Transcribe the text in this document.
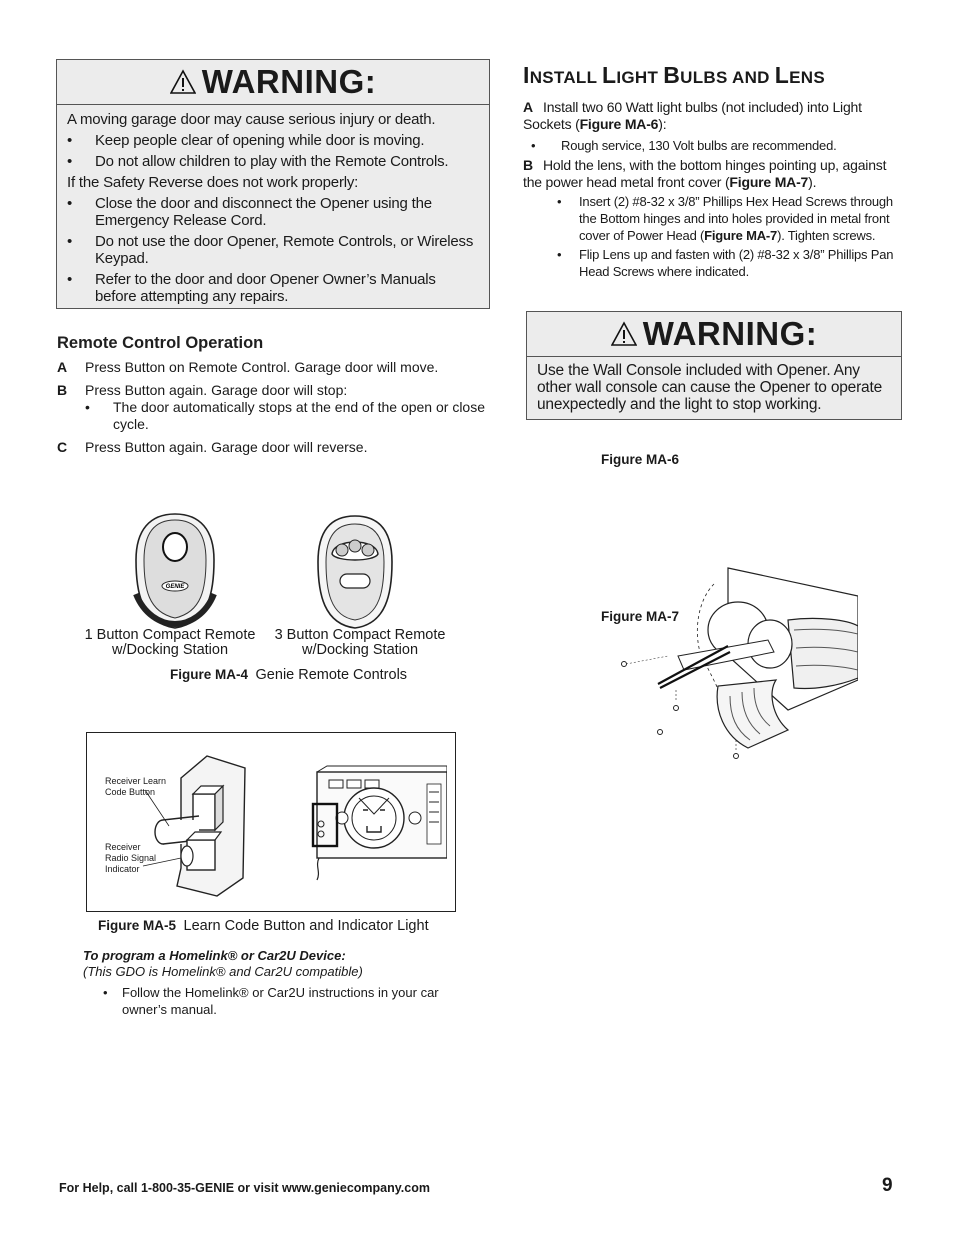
WARNING:
A moving garage door may cause serious injury or death.
•	Keep people clear of opening while door is moving.
•	Do not allow children to play with the Remote Controls.
If the Safety Reverse does not work properly:
•	Close the door and disconnect the Opener using the Emergency Release Cord.
•	Do not use the door Opener, Remote Controls, or Wireless Keypad.
•	Refer to the door and door Opener Owner’s Manuals before attempting any repairs.
Remote Control Operation
A Press Button on Remote Control. Garage door will move.
B Press Button again. Garage door will stop:
•	The door automatically stops at the end of the open or close cycle.
C Press Button again. Garage door will reverse.
GENIE
1 Button Compact Remote
w/Docking Station
3 Button Compact Remote
w/Docking Station
Figure MA-4 Genie Remote Controls
Receiver Learn
Code Button
Receiver
Radio Signal
Indicator
Figure MA-5 Learn Code Button and Indicator Light
To program a Homelink® or Car2U Device:
(This GDO is Homelink® and Car2U compatible)
•	Follow the Homelink® or Car2U instructions in your car owner’s manual.
INSTALL LIGHT BULBS AND LENS
A Install two 60 Watt light bulbs (not included) into Light Sockets (Figure MA-6):
•	Rough service, 130 Volt bulbs are recommended.
B Hold the lens, with the bottom hinges pointing up, against the power head metal front cover (Figure MA-7).
•	Insert (2) #8-32 x 3/8” Phillips Hex Head Screws through the Bottom hinges and into holes provided in metal front cover of Power Head (Figure MA-7). Tighten screws.
•	Flip Lens up and fasten with (2) #8-32 x 3/8” Phillips Pan Head Screws where indicated.
WARNING:
Use the Wall Console included with Opener. Any other wall console can cause the Opener to operate unexpectedly and the light to stop working.
Figure MA-6
Figure MA-7
For Help, call 1-800-35-GENIE or visit www.geniecompany.com	9
